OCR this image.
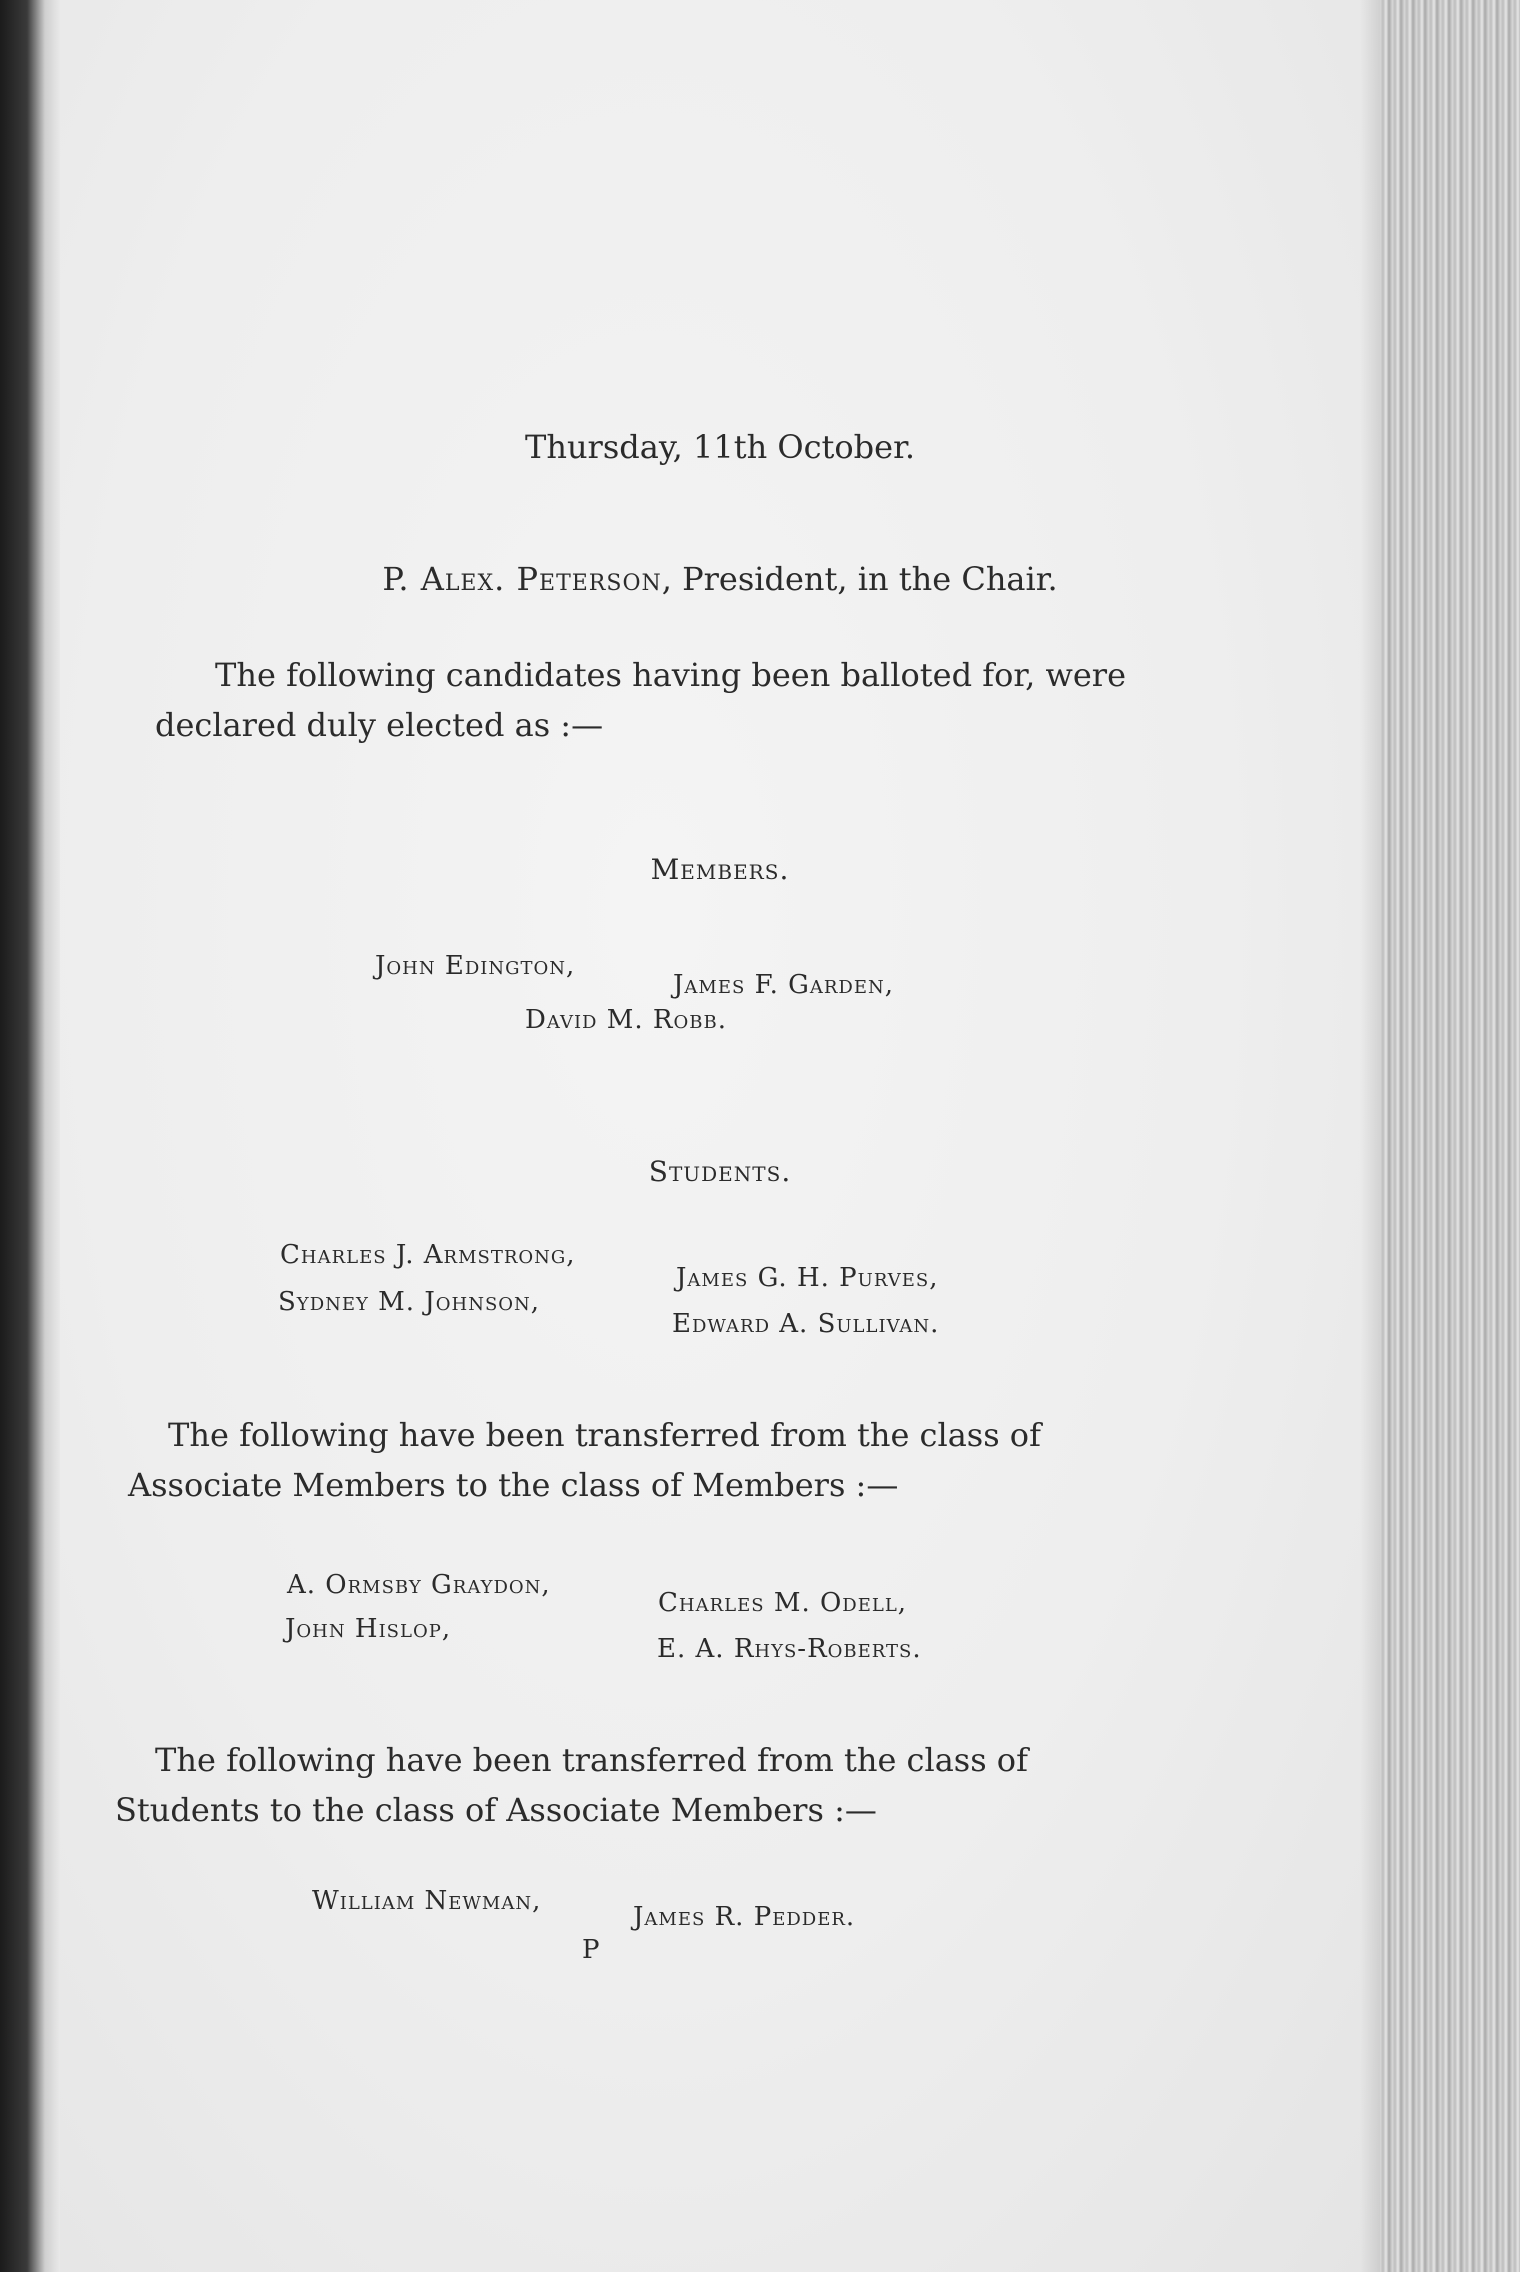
Thursday, 11th October.
P. Alex. Peterson, President, in the Chair.
The following candidates having been balloted for, were declared duly elected as :—
Members.
John Edington,
James F. Garden,
David M. Robb.
Students.
Charles J. Armstrong,
James G. H. Purves,
Sydney M. Johnson,
Edward A. Sullivan.
The following have been transferred from the class of Associate Members to the class of Members :—
A. Ormsby Graydon,
Charles M. Odell,
John Hislop,
E. A. Rhys-Roberts.
The following have been transferred from the class of Students to the class of Associate Members :—
William Newman,
James R. Pedder.
P
